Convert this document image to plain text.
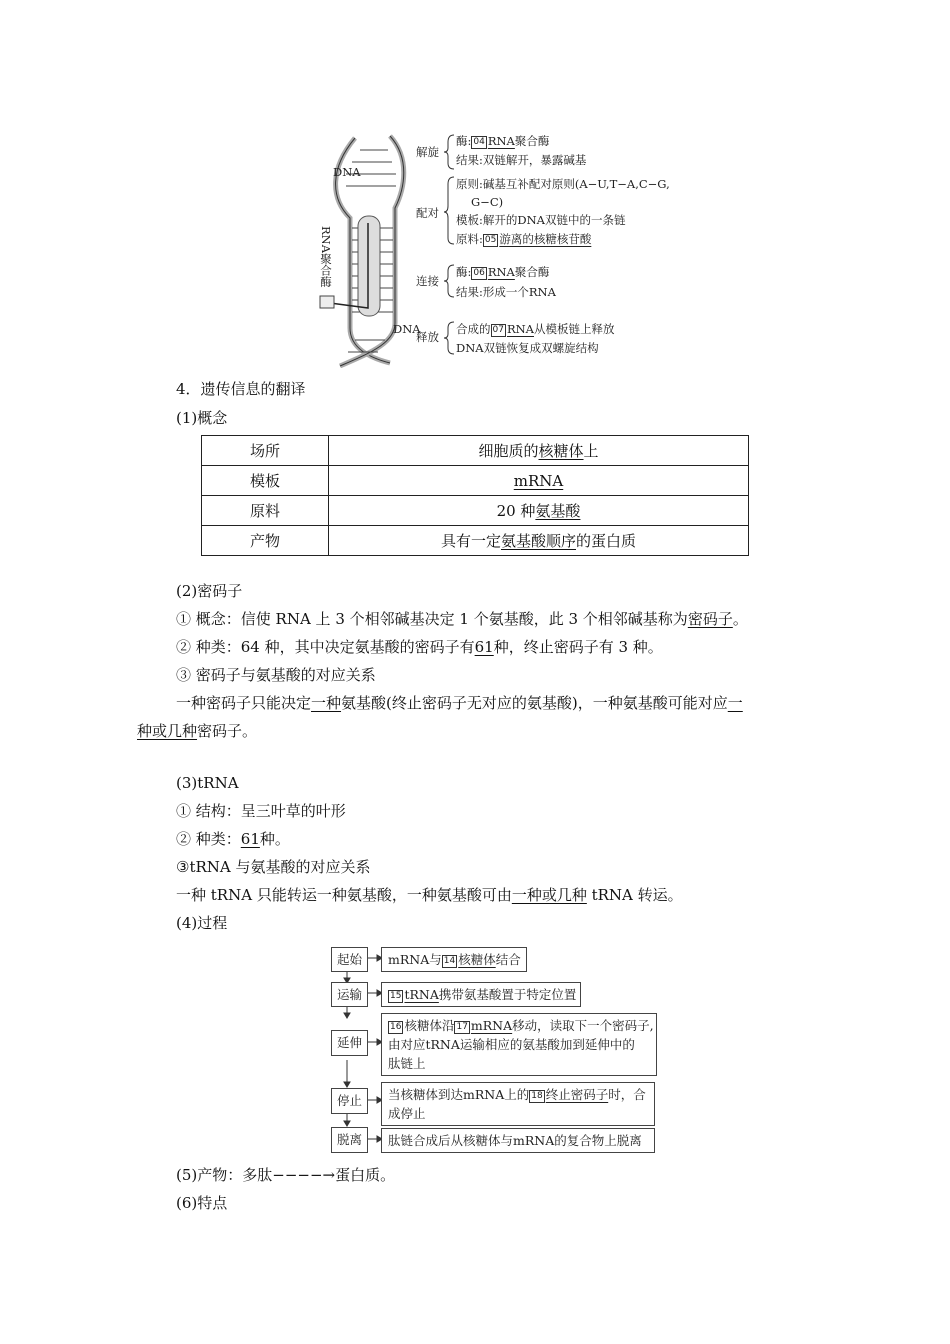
DNA
DNA
RNA聚合酶
解旋
配对
连接
释放
酶: 04 RNA聚合酶
结果:双链解开，暴露碱基
原则:碱基互补配对原则(A−U,T−A,C−G,
G−C)
模板:解开的DNA双链中的一条链
原料: 05 游离的核糖核苷酸
酶: 06 RNA聚合酶
结果:形成一个RNA
合成的 07 RNA从模板链上释放
DNA双链恢复成双螺旋结构
4．遗传信息的翻译
(1)概念
场所	细胞质的核糖体上
模板	mRNA
原料	20 种氨基酸
产物	具有一定氨基酸顺序的蛋白质
(2)密码子
① 概念：信使 RNA 上 3 个相邻碱基决定 1 个氨基酸，此 3 个相邻碱基称为密码子。
② 种类：64 种，其中决定氨基酸的密码子有61种，终止密码子有 3 种。
③ 密码子与氨基酸的对应关系
一种密码子只能决定一种氨基酸(终止密码子无对应的氨基酸)，一种氨基酸可能对应一
种或几种密码子。
(3)tRNA
① 结构：呈三叶草的叶形
② 种类：61种。
③tRNA 与氨基酸的对应关系
一种 tRNA 只能转运一种氨基酸，一种氨基酸可由一种或几种 tRNA 转运。
(4)过程
起始
运输
延伸
停止
脱离
mRNA与 14 核糖体结合
15 tRNA携带氨基酸置于特定位置
16 核糖体沿 17 mRNA移动，读取下一个密码子,
由对应tRNA运输相应的氨基酸加到延伸中的
肽链上
当核糖体到达mRNA上的 18 终止密码子时，合
成停止
肽链合成后从核糖体与mRNA的复合物上脱离
(5)产物：多肽−−−−→蛋白质。
(6)特点
